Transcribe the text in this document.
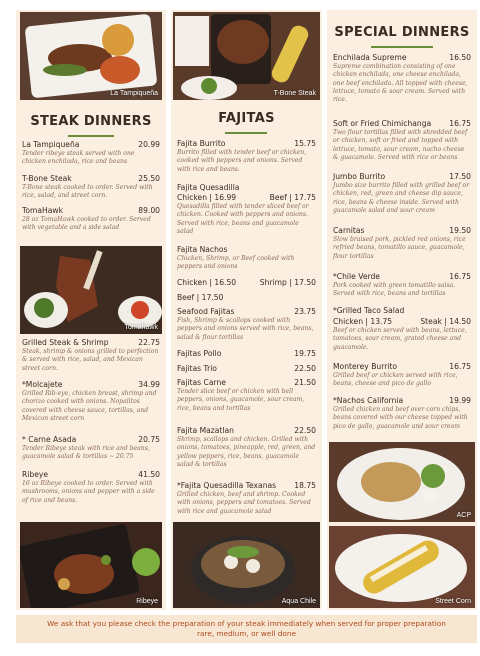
La Tampiqueña
STEAK DINNERS
La Tampiqueña	20.99
Tender ribeye steak served with one chicken enchilada, rice and beans
T-Bone Steak	25.50
T-Bone steak cooked to order. Served with rice, salad, and street corn.
TomaHawk	89.00
28 oz TomaHawk cooked to order. Served with vegetable and a side salad
Tomahawk
Grilled Steak & Shrimp	22.75
Steak, shrimp & onions grilled to perfection & served with rice, salad, and Mexican street corn.
*Molcajete	34.99
Grilled Rib-eye, chicken breast, shrimp and chorizo cooked with onions. Nopalitos covered with cheese sauce, tortillas, and Mexican street corn
* Carne Asada	20.75
Tender Ribeye steak with rice and beans, guacamole salad & tortillas ~ 20.75
Ribeye	41.50
16 oz Ribeye cooked to order. Served with mushrooms, onions and pepper with a side of rice and beans.
Ribeye
T-Bone Steak
FAJITAS
Fajita Burrito	15.75
Burrito filled with tender beef or chicken, cooked with peppers and onions. Served with rice and beans.
Fajita Quesadilla
Chicken | 16.99	Beef | 17.75
Quesadilla filled with tender sliced beef or chicken. Cooked with peppers and onions. Served with rice, beans and guacamole salad
Fajita Nachos
Chicken, Shrimp, or Beef cooked with peppers and onions
Chicken | 16.50	Shrimp | 17.50
Beef | 17.50
Seafood Fajitas	23.75
Fish, Shrimp & scallops cooked with peppers and onions served with rice, beans, salad & flour tortillas
Fajitas Pollo	19.75
Fajitas Trio	22.50
Fajitas Carne	21.50
Tender slice beef or chicken with bell peppers, onions, guacamole, sour cream, rice, beans and tortillas
Fajita Mazatlan	22.50
Shrimp, scallops and chicken. Grilled with onions, tomatoes, pineapple, red, green, and yellow peppers, rice, beans, guacamole salad & tortillas
*Fajita Quesadilla Texanas 18.75
Grilled chicken, beef and shrimp. Cooked with onions, peppers and tomatoes. Served with rice and guacamole salad
Aqua Chile
SPECIAL DINNERS
Enchilada Supreme	16.50
Supreme combination consisting of one chicken enchilada, one cheese enchilada, one beef enchilada. All topped with cheese, lettuce, tomato & sour cream. Served with rice.
Soft or Fried Chimichanga 16.75
Two flour tortillas filled with shredded beef or chicken, soft or fried and topped with lettuce, tomato, sour cream, nacho cheese & guacamole. Served with rice or beans
Jumbo Burrito	17.50
Jumbo size burrito filled with grilled beef or chicken, red, green and cheese dip sauce, rice, beans & cheese inside. Served with guacamole salad and sour cream
Carnitas	19.50
Slow braised pork, pickled red onions, rice refried beans, tomatillo sauce, guacamole, flour tortillas
*Chile Verde	16.75
Pork cooked with green tomatillo salsa. Served with rice, beans and tortillas
*Grilled Taco Salad
Chicken | 13.75	Steak | 14.50
Beef or chicken served with beans, lettuce, tomatoes, sour cream, grated cheese and guacamole.
Monterey Burrito	16.75
Grilled beef or chicken served with rice, beans, cheese and pico de gallo
*Nachos California	19.99
Grilled chicken and beef over corn chips, beans covered with our cheese topped with pico de gallo, guacamole and sour cream
ACP
Street Corn
We ask that you please check the preparation of your steak immediately when served for proper preparation
rare, medium, or well done
